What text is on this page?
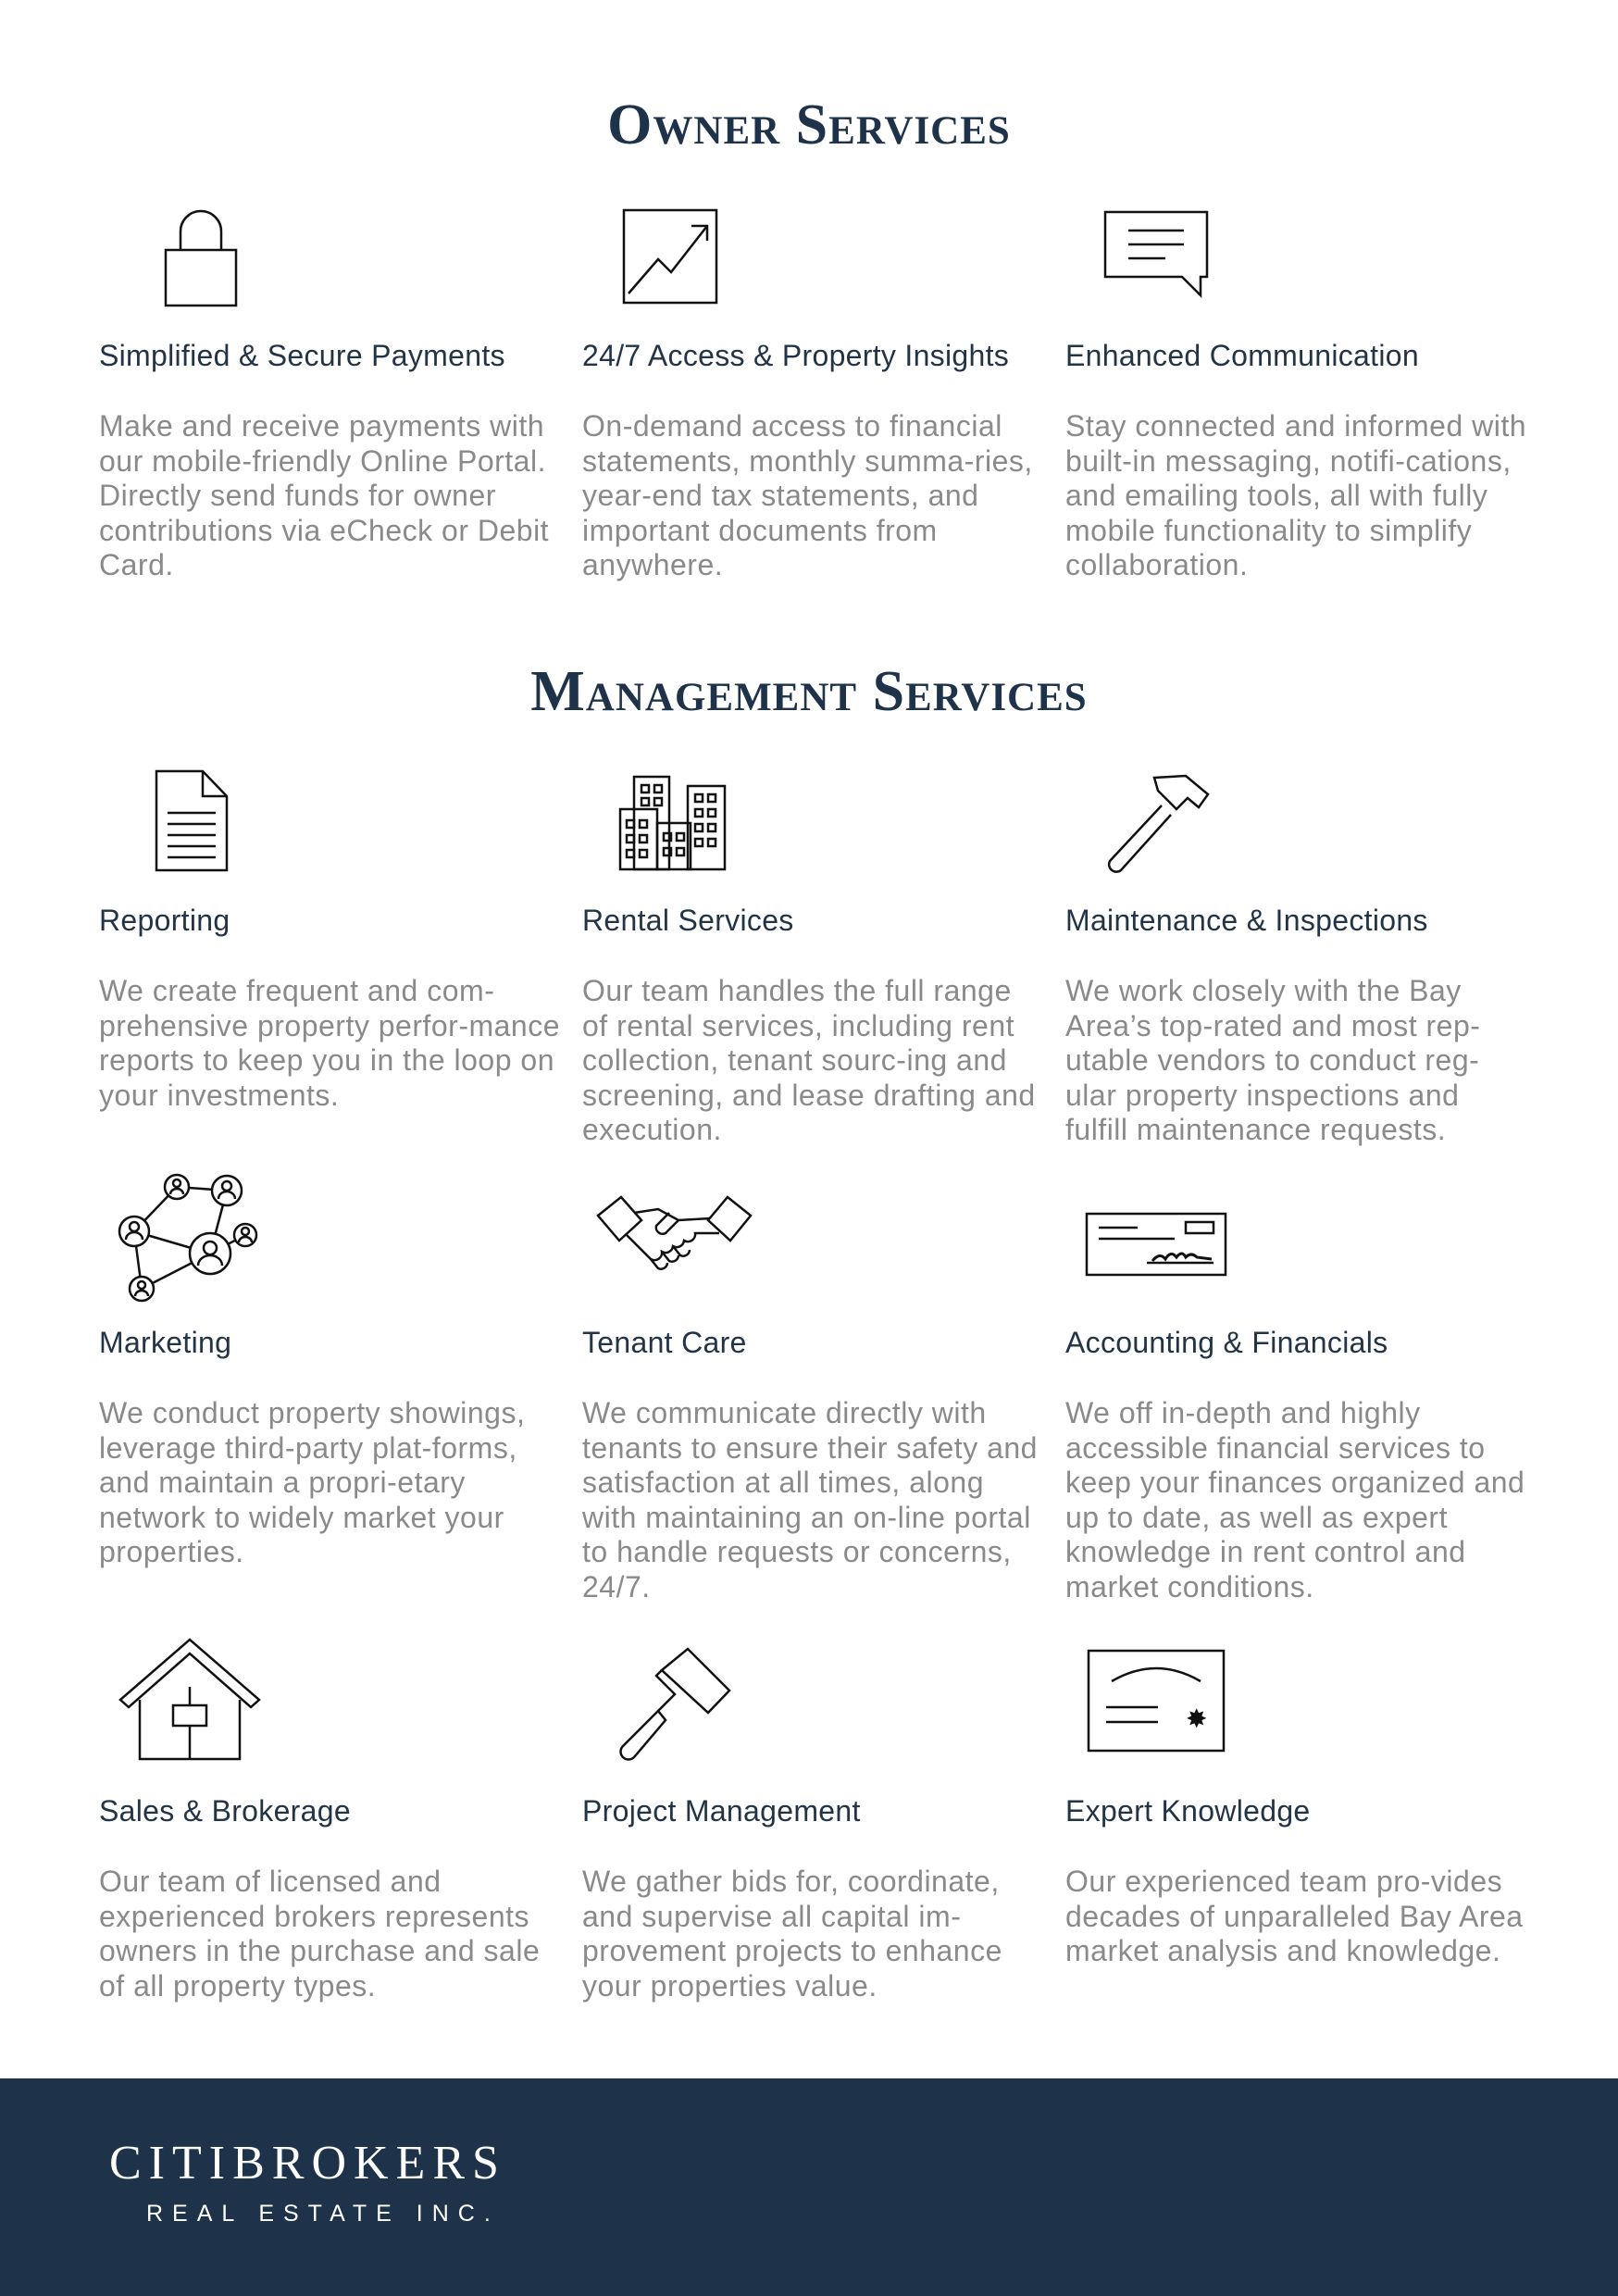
Owner Services
Simplified & Secure Payments

Make and receive payments with our mobile-friendly Online Portal. Directly send funds for owner contributions via eCheck or Debit Card.

24/7 Access & Property Insights

On-demand access to financial statements, monthly summa-ries, year-end tax statements, and important documents from anywhere.

Enhanced Communication

Stay connected and informed with built-in messaging, notifi-cations, and emailing tools, all with fully mobile functionality to simplify collaboration.

Management Services
Reporting

We create frequent and com-prehensive property perfor-mance reports to keep you in the loop on your investments.

Rental Services

Our team handles the full range of rental services, including rent collection, tenant sourc-ing and screening, and lease drafting and execution.

Maintenance & Inspections

We work closely with the Bay Area’s top-rated and most rep-utable vendors to conduct reg-ular property inspections and fulfill maintenance requests.

Marketing

We conduct property showings, leverage third-party plat-forms, and maintain a propri-etary network to widely market your properties.

Tenant Care

We communicate directly with tenants to ensure their safety and satisfaction at all times, along with maintaining an on-line portal to handle requests or concerns, 24/7.

Accounting & Financials

We off in-depth and highly accessible financial services to keep your finances organized and up to date, as well as expert knowledge in rent control and market conditions.

Sales & Brokerage

Our team of licensed and experienced brokers represents owners in the purchase and sale of all property types.

Project Management

We gather bids for, coordinate, and supervise all capital im-provement projects to enhance your properties value.

✸
Expert Knowledge

Our experienced team pro-vides decades of unparalleled Bay Area market analysis and knowledge.

CITIBROKERS
REAL ESTATE INC.
